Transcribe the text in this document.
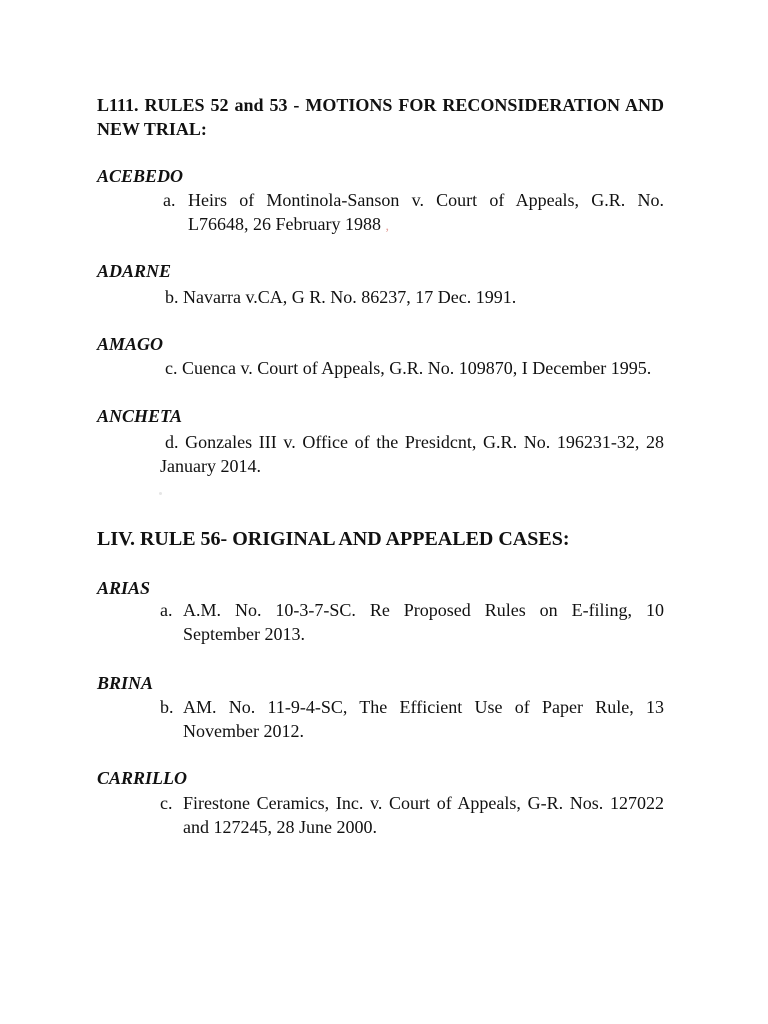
L111. RULES 52 and 53 - MOTIONS FOR RECONSIDERATION AND NEW TRIAL:
ACEBEDO
a. Heirs of Montinola-Sanson v. Court of Appeals, G.R. No. L76648, 26 February 1988 ,
ADARNE
b. Navarra v.CA, G R. No. 86237, 17 Dec. 1991.
AMAGO
c. Cuenca v. Court of Appeals, G.R. No. 109870, I December 1995.
ANCHETA
d. Gonzales III v. Office of the Presidcnt, G.R. No. 196231-32, 28 January 2014.
LIV. RULE 56- ORIGINAL AND APPEALED CASES:
ARIAS
a. A.M. No. 10-3-7-SC. Re Proposed Rules on E-filing, 10 September 2013.
BRINA
b. AM. No. 11-9-4-SC, The Efficient Use of Paper Rule, 13 November 2012.
CARRILLO
c. Firestone Ceramics, Inc. v. Court of Appeals, G-R. Nos. 127022 and 127245, 28 June 2000.
